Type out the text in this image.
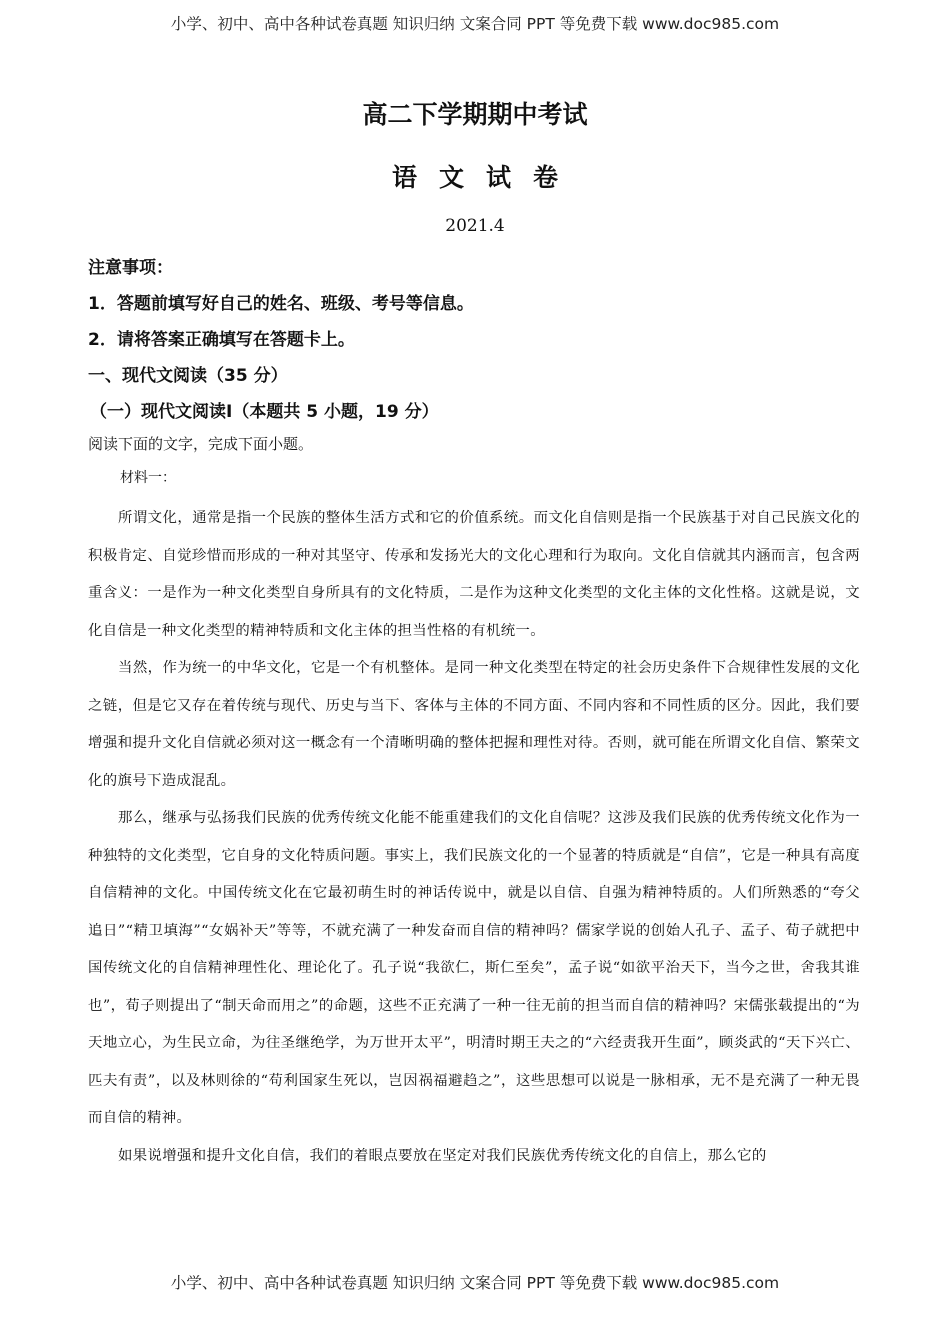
小学、初中、高中各种试卷真题 知识归纳 文案合同 PPT 等免费下载 www.doc985.com
高二下学期期中考试
语文试卷
2021.4
注意事项：
1．答题前填写好自己的姓名、班级、考号等信息。
2．请将答案正确填写在答题卡上。
一、现代文阅读（35 分）
（一）现代文阅读Ⅰ（本题共 5 小题，19 分）
阅读下面的文字，完成下面小题。
材料一：

所谓文化，通常是指一个民族的整体生活方式和它的价值系统。而文化自信则是指一个民族基于对自己民族文化的积极肯定、自觉珍惜而形成的一种对其坚守、传承和发扬光大的文化心理和行为取向。文化自信就其内涵而言，包含两重含义：一是作为一种文化类型自身所具有的文化特质，二是作为这种文化类型的文化主体的文化性格。这就是说，文化自信是一种文化类型的精神特质和文化主体的担当性格的有机统一。

当然，作为统一的中华文化，它是一个有机整体。是同一种文化类型在特定的社会历史条件下合规律性发展的文化之链，但是它又存在着传统与现代、历史与当下、客体与主体的不同方面、不同内容和不同性质的区分。因此，我们要增强和提升文化自信就必须对这一概念有一个清晰明确的整体把握和理性对待。否则，就可能在所谓文化自信、繁荣文化的旗号下造成混乱。

那么，继承与弘扬我们民族的优秀传统文化能不能重建我们的文化自信呢？这涉及我们民族的优秀传统文化作为一种独特的文化类型，它自身的文化特质问题。事实上，我们民族文化的一个显著的特质就是“自信”，它是一种具有高度自信精神的文化。中国传统文化在它最初萌生时的神话传说中，就是以自信、自强为精神特质的。人们所熟悉的“夸父追日”“精卫填海”“女娲补天”等等，不就充满了一种发奋而自信的精神吗？儒家学说的创始人孔子、孟子、荀子就把中国传统文化的自信精神理性化、理论化了。孔子说“我欲仁，斯仁至矣”，孟子说“如欲平治天下，当今之世，舍我其谁也”，荀子则提出了“制天命而用之”的命题，这些不正充满了一种一往无前的担当而自信的精神吗？宋儒张载提出的“为天地立心，为生民立命，为往圣继绝学，为万世开太平”，明清时期王夫之的“六经责我开生面”，顾炎武的“天下兴亡、匹夫有责”，以及林则徐的“苟利国家生死以，岂因祸福避趋之”，这些思想可以说是一脉相承，无不是充满了一种无畏而自信的精神。

如果说增强和提升文化自信，我们的着眼点要放在坚定对我们民族优秀传统文化的自信上，那么它的

小学、初中、高中各种试卷真题 知识归纳 文案合同 PPT 等免费下载 www.doc985.com
